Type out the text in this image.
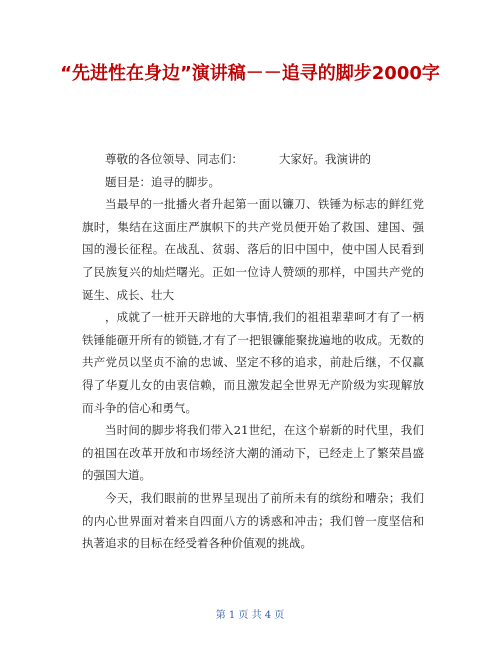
“先进性在身边”演讲稿－－追寻的脚步2000字

尊敬的各位领导、同志们：	大家好。我演讲的

题目是：追寻的脚步。

当最早的一批播火者升起第一面以镰刀、铁锤为标志的鲜红党旗时，集结在这面庄严旗帜下的共产党员便开始了救国、建国、强国的漫长征程。在战乱、贫弱、落后的旧中国中，使中国人民看到了民族复兴的灿烂曙光。正如一位诗人赞颂的那样，中国共产党的诞生、成长、壮大

，成就了一桩开天辟地的大事情,我们的祖祖辈辈呵才有了一柄铁锤能砸开所有的锁链,才有了一把银镰能聚拢遍地的收成。无数的共产党员以坚贞不渝的忠诚、坚定不移的追求，前赴后继，不仅赢得了华夏儿女的由衷信赖，而且激发起全世界无产阶级为实现解放而斗争的信心和勇气。

当时间的脚步将我们带入21世纪，在这个崭新的时代里，我们的祖国在改革开放和市场经济大潮的涌动下，已经走上了繁荣昌盛的强国大道。

今天，我们眼前的世界呈现出了前所未有的缤纷和嘈杂；我们的内心世界面对着来自四面八方的诱惑和冲击；我们曾一度坚信和执著追求的目标在经受着各种价值观的挑战。

第 1 页 共 4 页
